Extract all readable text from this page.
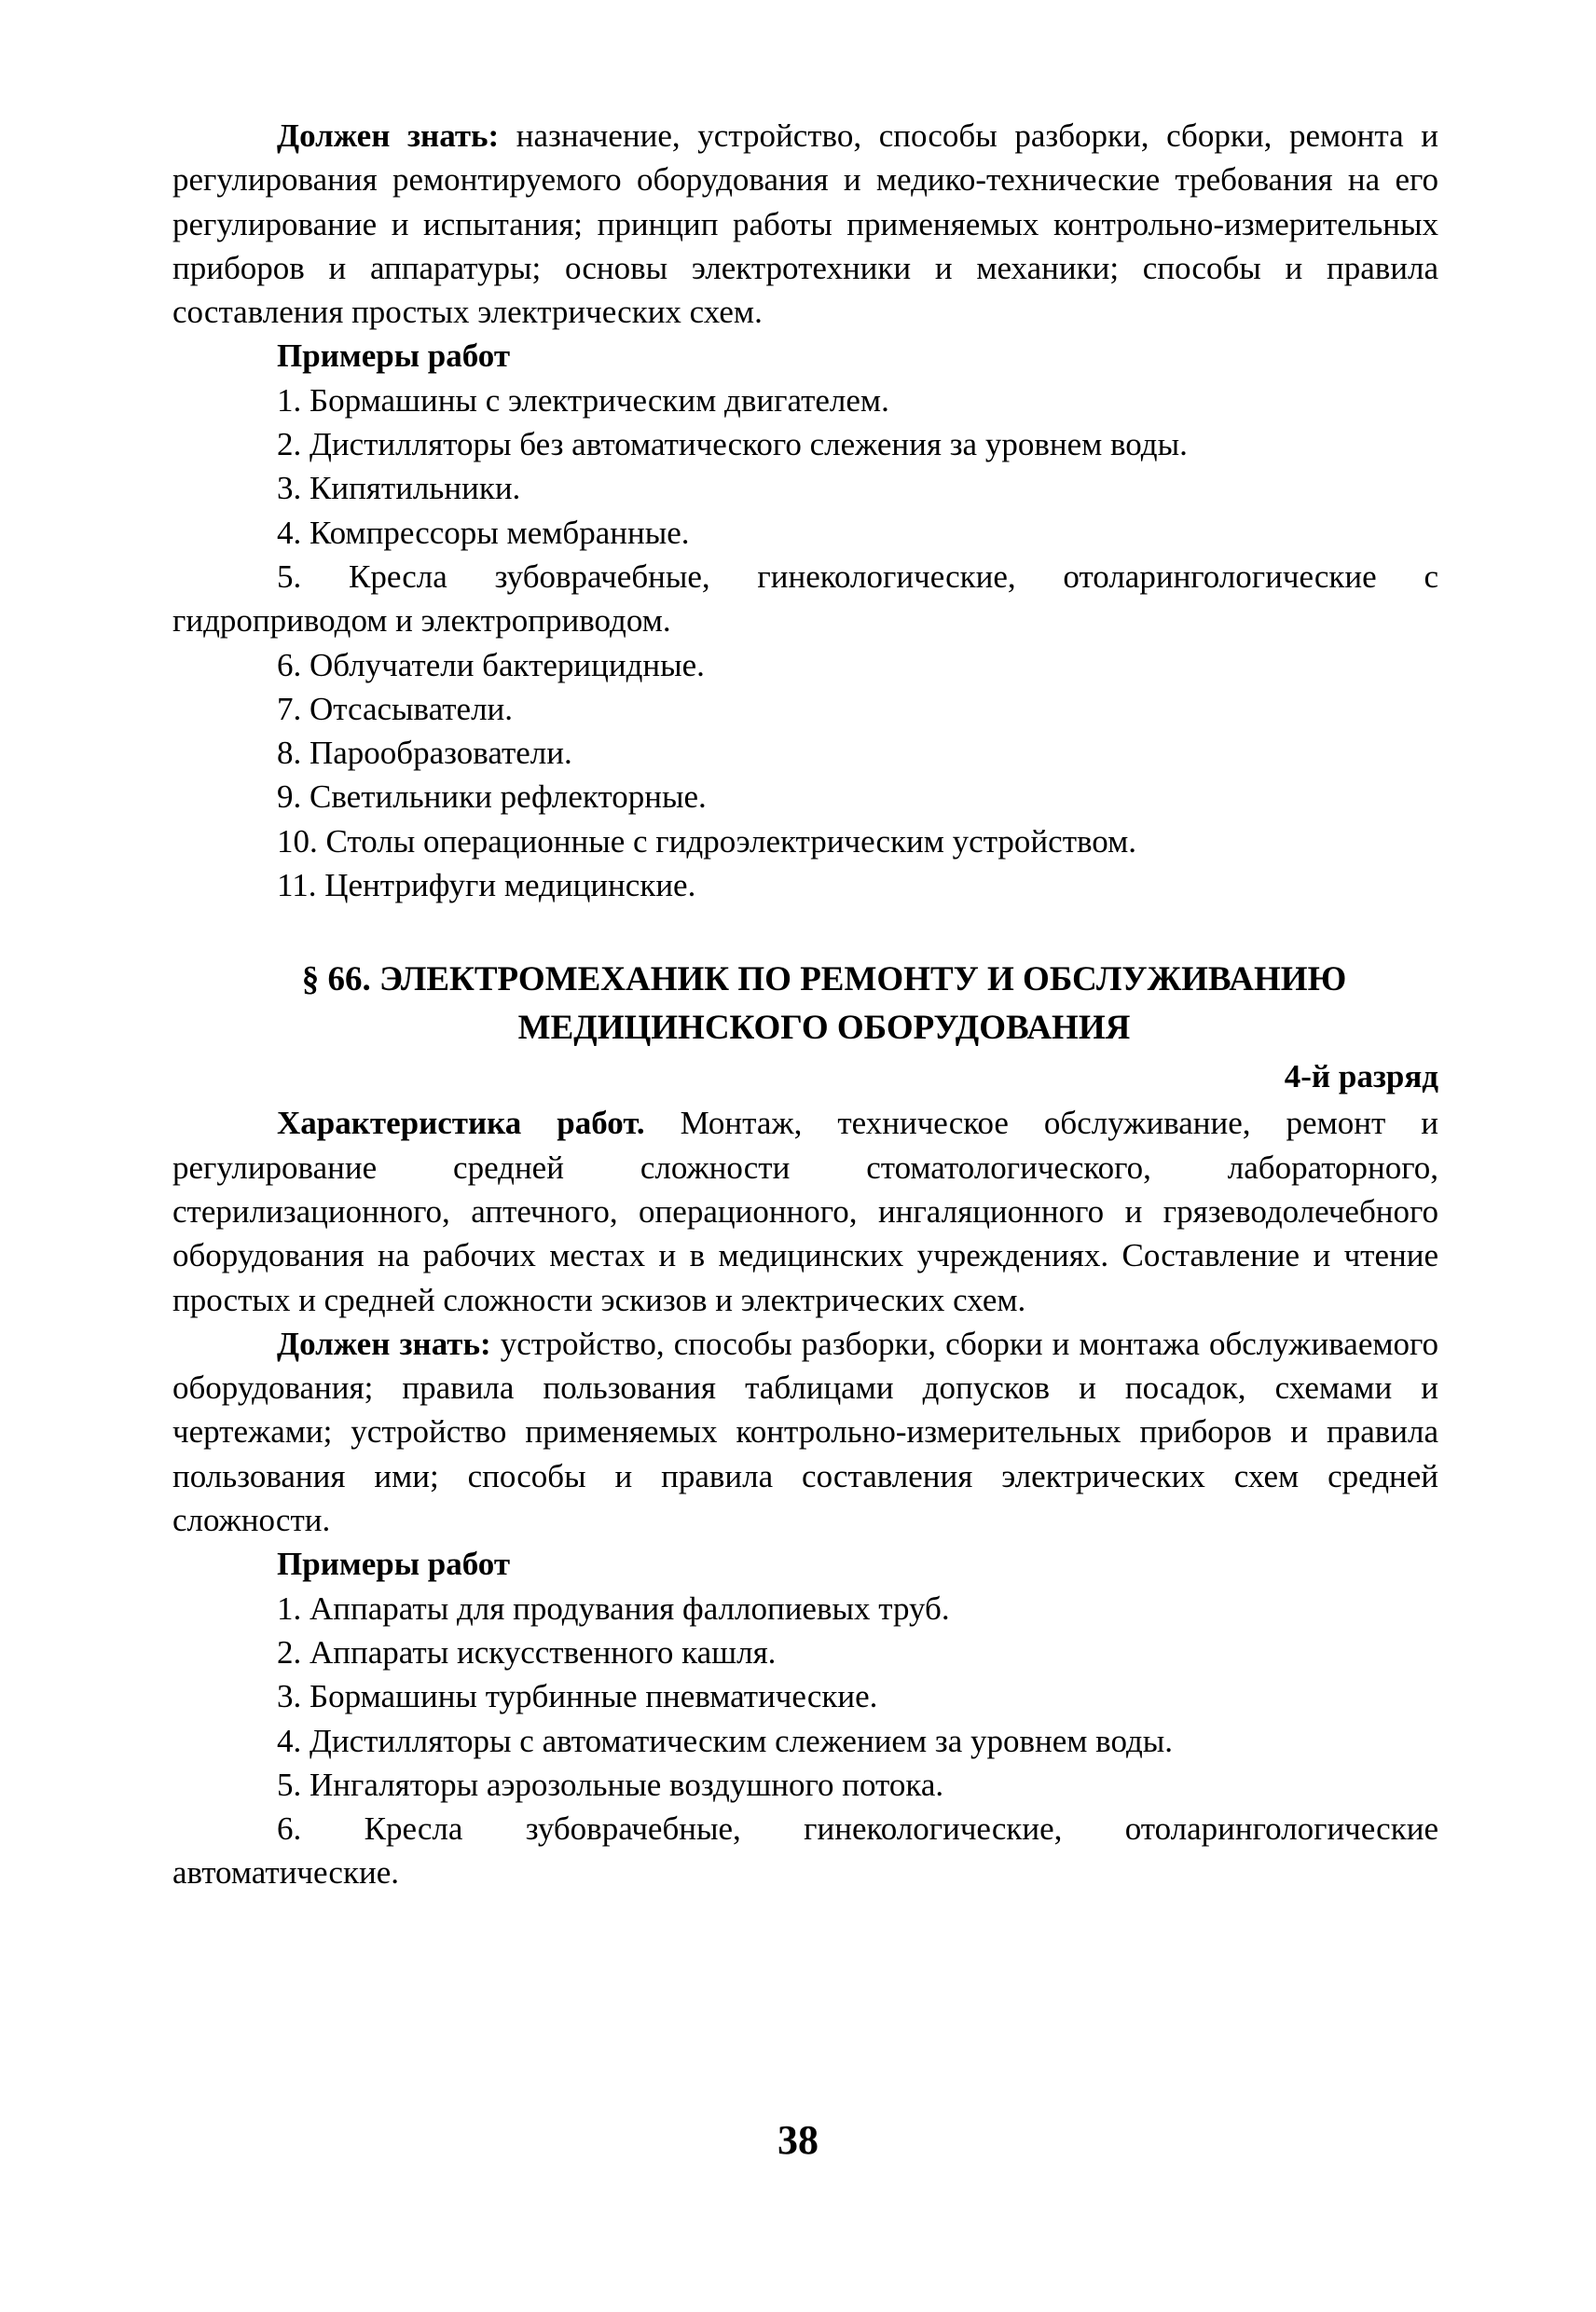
Должен знать: назначение, устройство, способы разборки, сборки, ремонта и регулирования ремонтируемого оборудования и медико-технические требования на его регулирование и испытания; принцип работы применяемых контрольно-измерительных приборов и аппаратуры; основы электротехники и механики; способы и правила составления простых электрических схем.

Примеры работ

1. Бормашины с электрическим двигателем.
2. Дистилляторы без автоматического слежения за уровнем воды.
3. Кипятильники.
4. Компрессоры мембранные.
5. Кресла зубоврачебные, гинекологические, отоларингологические с гидроприводом и электроприводом.
6. Облучатели бактерицидные.
7. Отсасыватели.
8. Парообразователи.
9. Светильники рефлекторные.
10. Столы операционные с гидроэлектрическим устройством.
11. Центрифуги медицинские.
§ 66. ЭЛЕКТРОМЕХАНИК ПО РЕМОНТУ И ОБСЛУЖИВАНИЮ
МЕДИЦИНСКОГО ОБОРУДОВАНИЯ
4-й разряд

Характеристика работ. Монтаж, техническое обслуживание, ремонт и регулирование средней сложности стоматологического, лабораторного, стерилизационного, аптечного, операционного, ингаляционного и грязеводолечебного оборудования на рабочих местах и в медицинских учреждениях. Составление и чтение простых и средней сложности эскизов и электрических схем.

Должен знать: устройство, способы разборки, сборки и монтажа обслуживаемого оборудования; правила пользования таблицами допусков и посадок, схемами и чертежами; устройство применяемых контрольно-измерительных приборов и правила пользования ими; способы и правила составления электрических схем средней сложности.

Примеры работ

1. Аппараты для продувания фаллопиевых труб.
2. Аппараты искусственного кашля.
3. Бормашины турбинные пневматические.
4. Дистилляторы с автоматическим слежением за уровнем воды.
5. Ингаляторы аэрозольные воздушного потока.
6. Кресла зубоврачебные, гинекологические, отоларингологические автоматические.
38
